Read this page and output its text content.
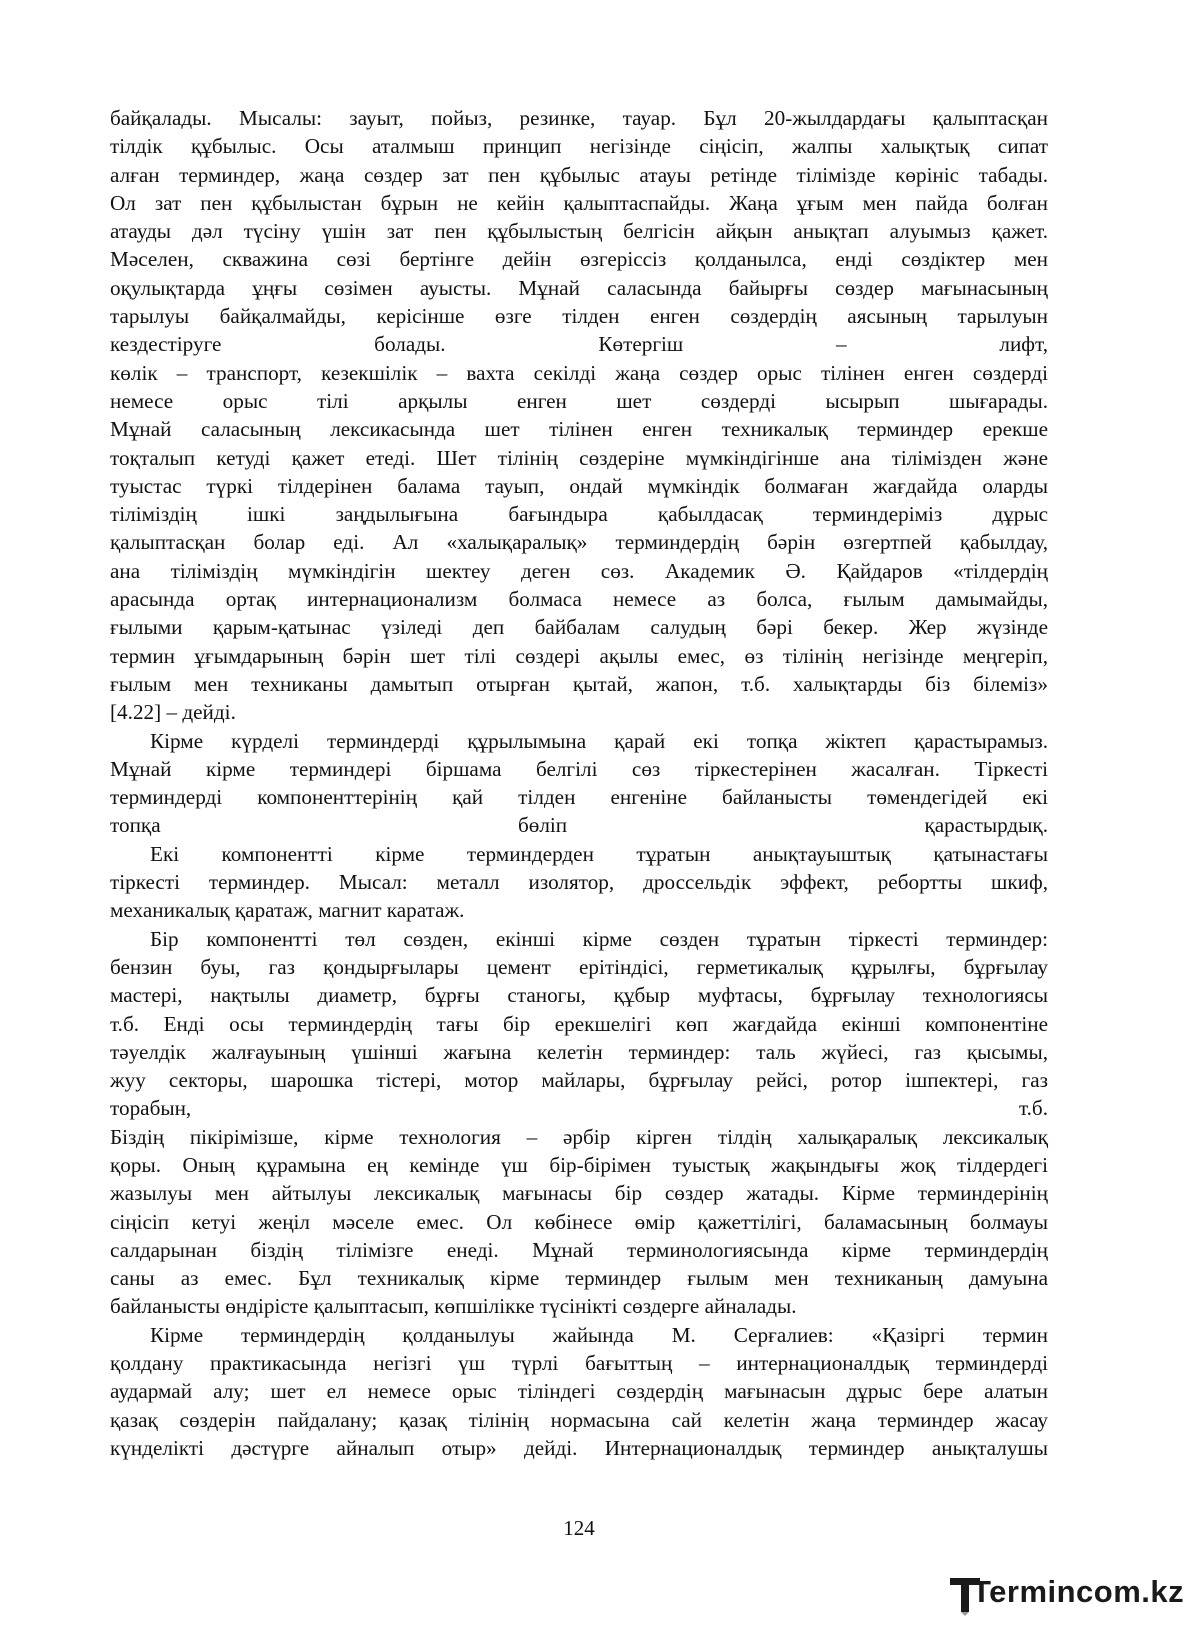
байқалады. Мысалы: зауыт, пойыз, резинке, тауар. Бұл 20-жылдардағы қалыптасқан
тілдік құбылыс. Осы аталмыш принцип негізінде сіңісіп, жалпы халықтық сипат
алған терминдер, жаңа сөздер зат пен құбылыс атауы ретінде тілімізде көрініс табады.
Ол зат пен құбылыстан бұрын не кейін қалыптаспайды. Жаңа ұғым мен пайда болған
атауды дәл түсіну үшін зат пен құбылыстың белгісін айқын анықтап алуымыз қажет.
Мәселен, скважина сөзі бертінге дейін өзгеріссіз қолданылса, енді сөздіктер мен
оқулықтарда ұңғы сөзімен ауысты. Мұнай саласында байырғы сөздер мағынасының
тарылуы байқалмайды, керісінше өзге тілден енген сөздердің аясының тарылуын
кездестіруге болады. Көтергіш – лифт,
көлік – транспорт, кезекшілік – вахта секілді жаңа сөздер орыс тілінен енген сөздерді
немесе орыс тілі арқылы енген шет сөздерді ысырып шығарады.
Мұнай саласының лексикасында шет тілінен енген техникалық терминдер ерекше
тоқталып кетуді қажет етеді. Шет тілінің сөздеріне мүмкіндігінше ана тілімізден және
туыстас түркі тілдерінен балама тауып, ондай мүмкіндік болмаған жағдайда оларды
тіліміздің ішкі заңдылығына бағындыра қабылдасақ терминдеріміз дұрыс
қалыптасқан болар еді. Ал «халықаралық» терминдердің бәрін өзгертпей қабылдау,
ана тіліміздің мүмкіндігін шектеу деген сөз. Академик Ә. Қайдаров «тілдердің
арасында ортақ интернационализм болмаса немесе аз болса, ғылым дамымайды,
ғылыми қарым-қатынас үзіледі деп байбалам салудың бәрі бекер. Жер жүзінде
термин ұғымдарының бәрін шет тілі сөздері ақылы емес, өз тілінің негізінде меңгеріп,
ғылым мен техниканы дамытып отырған қытай, жапон, т.б. халықтарды біз білеміз»
[4.22] – дейді.
Кірме күрделі терминдерді құрылымына қарай екі топқа жіктеп қарастырамыз.
Мұнай кірме терминдері біршама белгілі сөз тіркестерінен жасалған. Тіркесті
терминдерді компоненттерінің қай тілден енгеніне байланысты төмендегідей екі
топқа бөліп қарастырдық.
Екі компонентті кірме терминдерден тұратын анықтауыштық қатынастағы
тіркесті терминдер. Мысал: металл изолятор, дроссельдік эффект, ребортты шкиф,
механикалық қаратаж, магнит каратаж.
Бір компонентті төл сөзден, екінші кірме сөзден тұратын тіркесті терминдер:
бензин буы, газ қондырғылары цемент ерітіндісі, герметикалық құрылғы, бұрғылау
мастері, нақтылы диаметр, бұрғы станогы, құбыр муфтасы, бұрғылау технологиясы
т.б. Енді осы терминдердің тағы бір ерекшелігі көп жағдайда екінші компонентіне
тәуелдік жалғауының үшінші жағына келетін терминдер: таль жүйесі, газ қысымы,
жуу секторы, шарошка тістері, мотор майлары, бұрғылау рейсі, ротор ішпектері, газ
торабын, т.б.
Біздің пікірімізше, кірме технология – әрбір кірген тілдің халықаралық лексикалық
қоры. Оның құрамына ең кемінде үш бір-бірімен туыстық жақындығы жоқ тілдердегі
жазылуы мен айтылуы лексикалық мағынасы бір сөздер жатады. Кірме терминдерінің
сіңісіп кетуі жеңіл мәселе емес. Ол көбінесе өмір қажеттілігі, баламасының болмауы
салдарынан біздің тілімізге енеді. Мұнай терминологиясында кірме терминдердің
саны аз емес. Бұл техникалық кірме терминдер ғылым мен техниканың дамуына
байланысты өндірісте қалыптасып, көпшілікке түсінікті сөздерге айналады.
Кірме терминдердің қолданылуы жайында М. Серғалиев: «Қазіргі термин
қолдану практикасында негізгі үш түрлі бағыттың – интернационалдық терминдерді
аудармай алу; шет ел немесе орыс тіліндегі сөздердің мағынасын дұрыс бере алатын
қазақ сөздерін пайдалану; қазақ тілінің нормасына сай келетін жаңа терминдер жасау
күнделікті дәстүрге айналып отыр» дейді. Интернационалдық терминдер анықталушы
124
Termincom.kz
